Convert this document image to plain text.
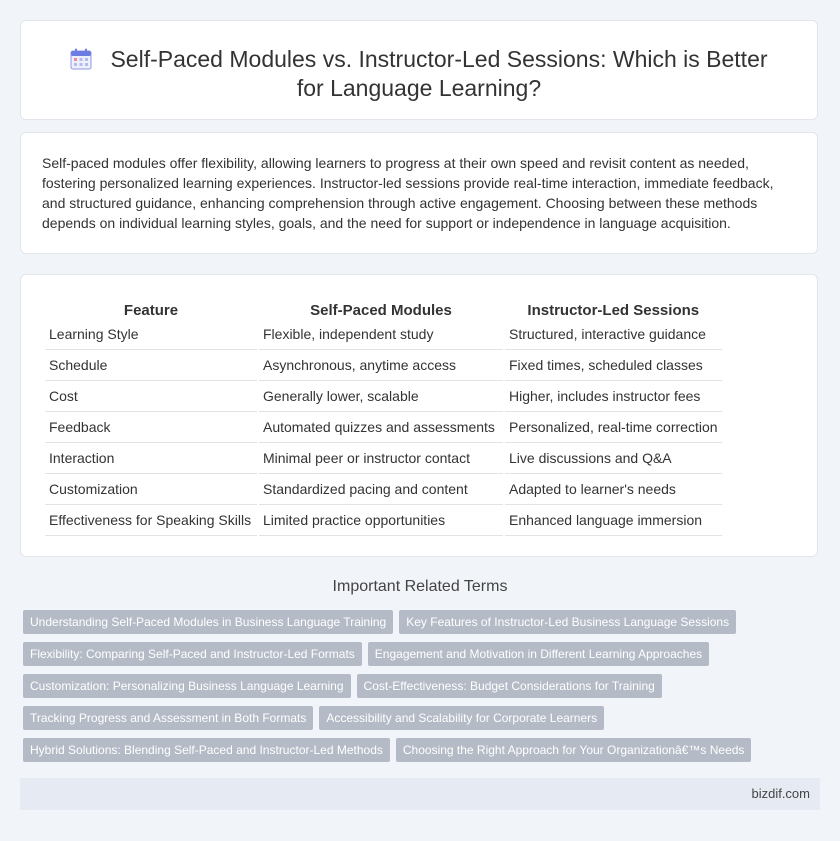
Self-Paced Modules vs. Instructor-Led Sessions: Which is Better
for Language Learning?
Self-paced modules offer flexibility, allowing learners to progress at their own speed and revisit content as needed, fostering personalized learning experiences. Instructor-led sessions provide real-time interaction, immediate feedback, and structured guidance, enhancing comprehension through active engagement. Choosing between these methods depends on individual learning styles, goals, and the need for support or independence in language acquisition.
Feature	Self-Paced Modules	Instructor-Led Sessions
Learning Style	Flexible, independent study	Structured, interactive guidance
Schedule	Asynchronous, anytime access	Fixed times, scheduled classes
Cost	Generally lower, scalable	Higher, includes instructor fees
Feedback	Automated quizzes and assessments	Personalized, real-time correction
Interaction	Minimal peer or instructor contact	Live discussions and Q&A
Customization	Standardized pacing and content	Adapted to learner's needs
Effectiveness for Speaking Skills	Limited practice opportunities	Enhanced language immersion
Important Related Terms
Understanding Self-Paced Modules in Business Language Training Key Features of Instructor-Led Business Language Sessions
Flexibility: Comparing Self-Paced and Instructor-Led Formats Engagement and Motivation in Different Learning Approaches
Customization: Personalizing Business Language Learning Cost-Effectiveness: Budget Considerations for Training
Tracking Progress and Assessment in Both Formats Accessibility and Scalability for Corporate Learners
Hybrid Solutions: Blending Self-Paced and Instructor-Led Methods Choosing the Right Approach for Your Organizationâ€™s Needs
bizdif.com
